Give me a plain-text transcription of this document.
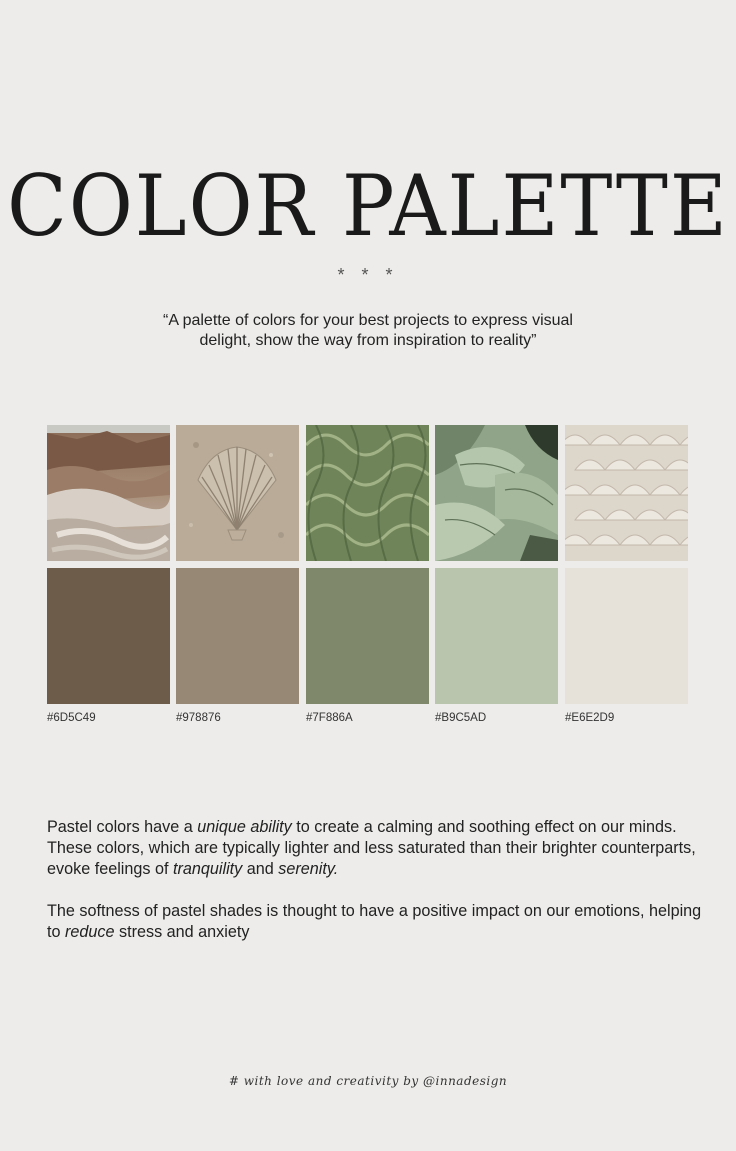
COLOR PALETTE
* * *
“A palette of colors for your best projects to express visual delight, show the way from inspiration to reality”
#6D5C49	#978876	#7F886A	#B9C5AD	#E6E2D9

Pastel colors have a unique ability to create a calming and soothing effect on our minds. These colors, which are typically lighter and less saturated than their brighter counterparts, evoke feelings of tranquility and serenity.

The softness of pastel shades is thought to have a positive impact on our emotions, helping to reduce stress and anxiety

# with love and creativity by @innadesign
